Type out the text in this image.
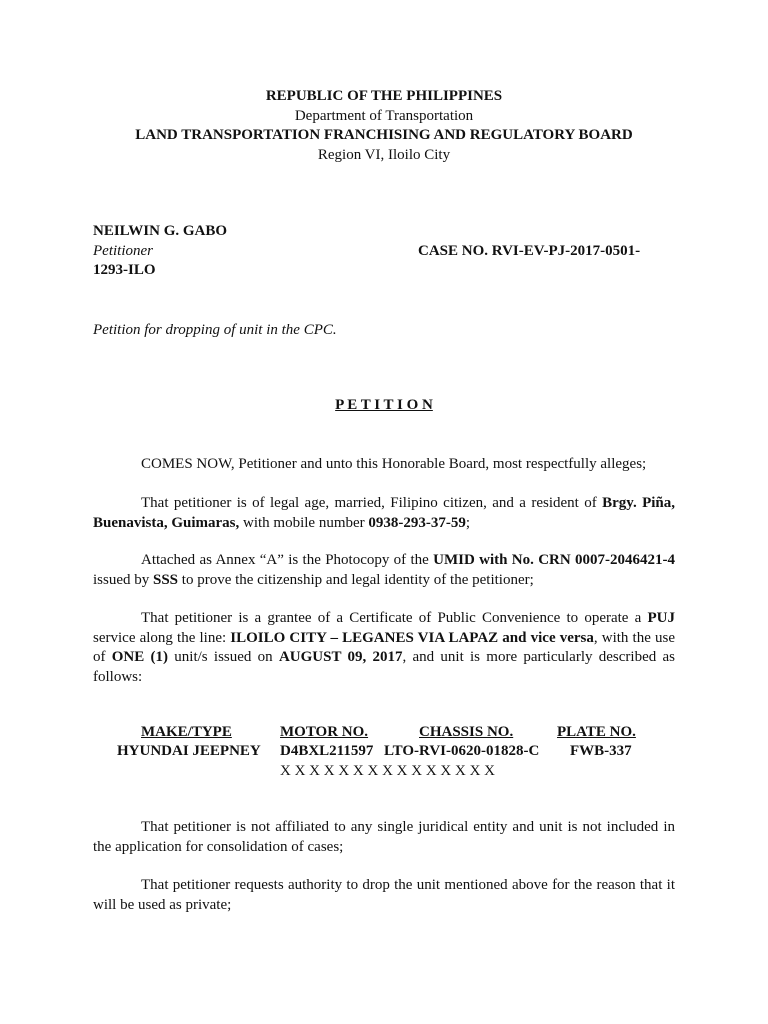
REPUBLIC OF THE PHILIPPINES
Department of Transportation
LAND TRANSPORTATION FRANCHISING AND REGULATORY BOARD
Region VI, Iloilo City
NEILWIN G. GABO
Petitioner	CASE NO. RVI-EV-PJ-2017-0501-
1293-ILO
Petition for dropping of unit in the CPC.
P E T I T I O N
COMES NOW, Petitioner and unto this Honorable Board, most respectfully alleges;
That petitioner is of legal age, married, Filipino citizen, and a resident of Brgy. Piña, Buenavista, Guimaras, with mobile number 0938-293-37-59;
Attached as Annex “A” is the Photocopy of the UMID with No. CRN 0007-2046421-4 issued by SSS to prove the citizenship and legal identity of the petitioner;
That petitioner is a grantee of a Certificate of Public Convenience to operate a PUJ service along the line: ILOILO CITY – LEGANES VIA LAPAZ and vice versa, with the use of ONE (1) unit/s issued on AUGUST 09, 2017, and unit is more particularly described as follows:
MAKE/TYPE	MOTOR NO.	CHASSIS NO.	PLATE NO.
HYUNDAI JEEPNEY D4BXL211597 LTO-RVI-0620-01828-C FWB-337
X X X X X X X X X X X X X X X
That petitioner is not affiliated to any single juridical entity and unit is not included in the application for consolidation of cases;
That petitioner requests authority to drop the unit mentioned above for the reason that it will be used as private;
